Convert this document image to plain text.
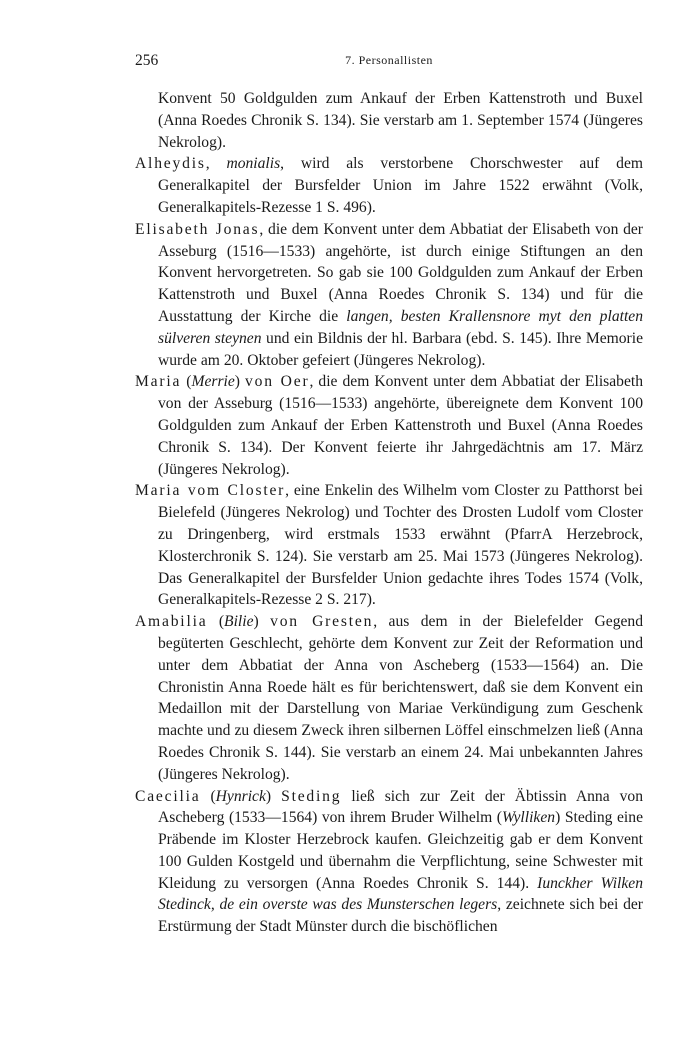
256	7. Personallisten

Konvent 50 Goldgulden zum Ankauf der Erben Kattenstroth und Buxel (Anna Roedes Chronik S. 134). Sie verstarb am 1. September 1574 (Jüngeres Nekrolog).

Alheydis, monialis, wird als verstorbene Chorschwester auf dem Generalkapitel der Bursfelder Union im Jahre 1522 erwähnt (Volk, Generalkapitels-Rezesse 1 S. 496).

Elisabeth Jonas, die dem Konvent unter dem Abbatiat der Elisabeth von der Asseburg (1516—1533) angehörte, ist durch einige Stiftungen an den Konvent hervorgetreten. So gab sie 100 Goldgulden zum Ankauf der Erben Kattenstroth und Buxel (Anna Roedes Chronik S. 134) und für die Ausstattung der Kirche die langen, besten Krallensnore myt den platten sülveren steynen und ein Bildnis der hl. Barbara (ebd. S. 145). Ihre Memorie wurde am 20. Oktober gefeiert (Jüngeres Nekrolog).

Maria (Merrie) von Oer, die dem Konvent unter dem Abbatiat der Elisabeth von der Asseburg (1516—1533) angehörte, übereignete dem Konvent 100 Goldgulden zum Ankauf der Erben Kattenstroth und Buxel (Anna Roedes Chronik S. 134). Der Konvent feierte ihr Jahrgedächtnis am 17. März (Jüngeres Nekrolog).

Maria vom Closter, eine Enkelin des Wilhelm vom Closter zu Patthorst bei Bielefeld (Jüngeres Nekrolog) und Tochter des Drosten Ludolf vom Closter zu Dringenberg, wird erstmals 1533 erwähnt (PfarrA Herzebrock, Klosterchronik S. 124). Sie verstarb am 25. Mai 1573 (Jüngeres Nekrolog). Das Generalkapitel der Bursfelder Union gedachte ihres Todes 1574 (Volk, Generalkapitels-Rezesse 2 S. 217).

Amabilia (Bilie) von Gresten, aus dem in der Bielefelder Gegend begüterten Geschlecht, gehörte dem Konvent zur Zeit der Reformation und unter dem Abbatiat der Anna von Ascheberg (1533—1564) an. Die Chronistin Anna Roede hält es für berichtenswert, daß sie dem Konvent ein Medaillon mit der Darstellung von Mariae Verkündigung zum Geschenk machte und zu diesem Zweck ihren silbernen Löffel einschmelzen ließ (Anna Roedes Chronik S. 144). Sie verstarb an einem 24. Mai unbekannten Jahres (Jüngeres Nekrolog).

Caecilia (Hynrick) Steding ließ sich zur Zeit der Äbtissin Anna von Ascheberg (1533—1564) von ihrem Bruder Wilhelm (Wylliken) Steding eine Präbende im Kloster Herzebrock kaufen. Gleichzeitig gab er dem Konvent 100 Gulden Kostgeld und übernahm die Verpflichtung, seine Schwester mit Kleidung zu versorgen (Anna Roedes Chronik S. 144). Iunckher Wilken Stedinck, de ein overste was des Munsterschen legers, zeichnete sich bei der Erstürmung der Stadt Münster durch die bischöflichen
